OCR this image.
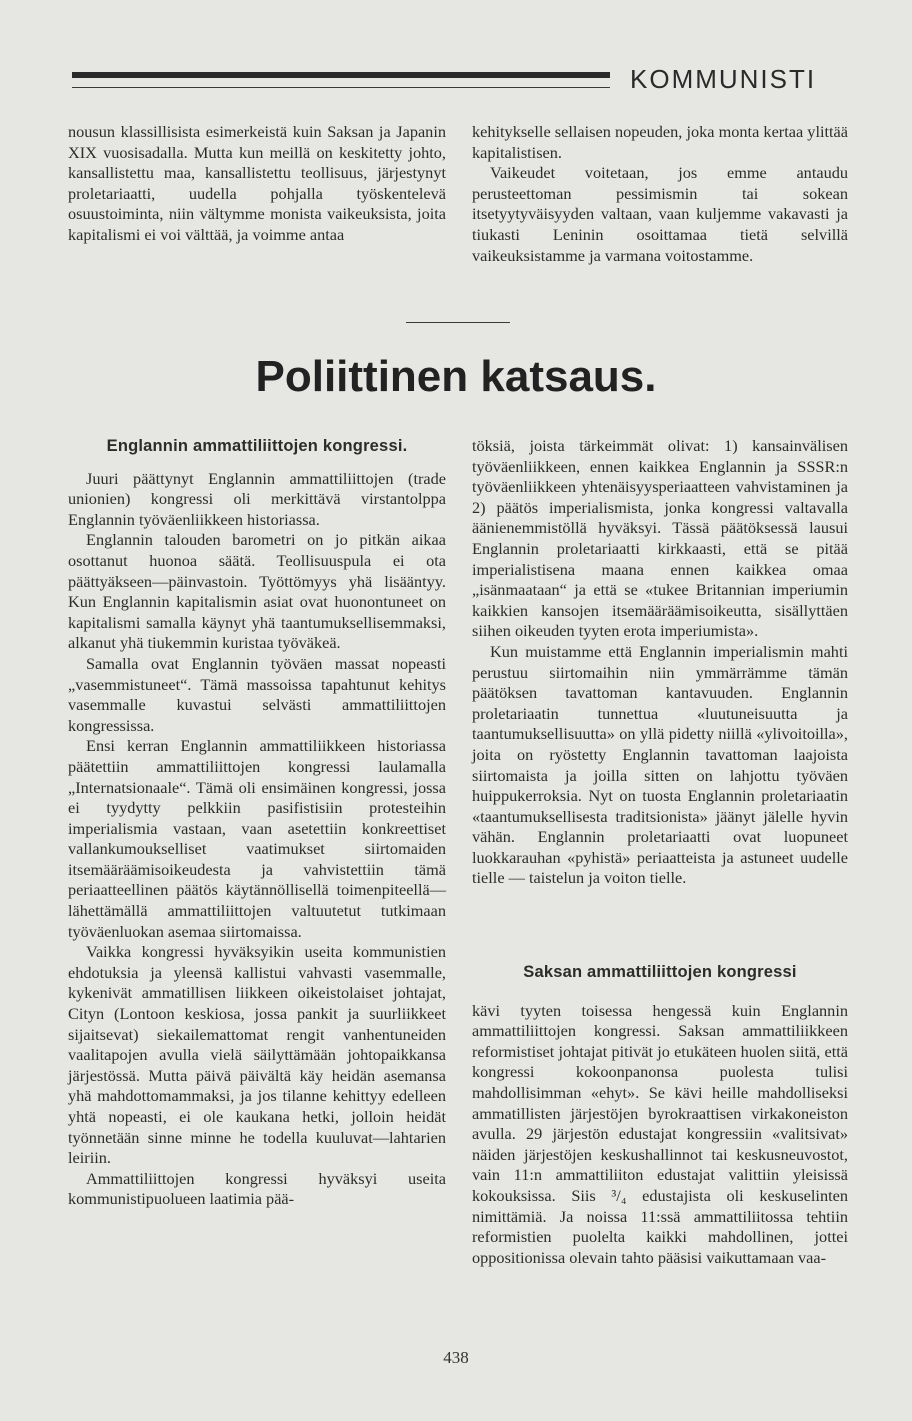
KOMMUNISTI

nousun klassillisista esimerkeistä kuin Saksan ja Japanin XIX vuosisadalla. Mutta kun meillä on keskitetty johto, kansallistettu maa, kansallistettu teollisuus, järjestynyt proletariaatti, uudella pohjalla työskentelevä osuustoiminta, niin vältymme monista vaikeuksista, joita kapitalismi ei voi välttää, ja voimme antaa

kehitykselle sellaisen nopeuden, joka monta kertaa ylittää kapitalistisen.

Vaikeudet voitetaan, jos emme antaudu perusteettoman pessimismin tai sokean itsetyytyväisyyden valtaan, vaan kuljemme vakavasti ja tiukasti Leninin osoittamaa tietä selvillä vaikeuksistamme ja varmana voitostamme.

Poliittinen katsaus.
Englannin ammattiliittojen kongressi.

Juuri päättynyt Englannin ammattiliittojen (trade unionien) kongressi oli merkittävä virstantolppa Englannin työväenliikkeen historiassa.

Englannin talouden barometri on jo pitkän aikaa osottanut huonoa säätä. Teollisuuspula ei ota päättyäkseen—päinvastoin. Työttömyys yhä lisääntyy. Kun Englannin kapitalismin asiat ovat huonontuneet on kapitalismi samalla käynyt yhä taantumuksellisemmaksi, alkanut yhä tiukemmin kuristaa työväkeä.

Samalla ovat Englannin työväen massat nopeasti „vasemmistuneet“. Tämä massoissa tapahtunut kehitys vasemmalle kuvastui selvästi ammattiliittojen kongressissa.

Ensi kerran Englannin ammattiliikkeen historiassa päätettiin ammattiliittojen kongressi laulamalla „Internatsionaale“. Tämä oli ensimäinen kongressi, jossa ei tyydytty pelkkiin pasifistisiin protesteihin imperialismia vastaan, vaan asetettiin konkreettiset vallankumoukselliset vaatimukset siirtomaiden itsemääräämisoikeudesta ja vahvistettiin tämä periaatteellinen päätös käytännöllisellä toimenpiteellä—lähettämällä ammattiliittojen valtuutetut tutkimaan työväenluokan asemaa siirtomaissa.

Vaikka kongressi hyväksyikin useita kommunistien ehdotuksia ja yleensä kallistui vahvasti vasemmalle, kykenivät ammatillisen liikkeen oikeistolaiset johtajat, Cityn (Lontoon keskiosa, jossa pankit ja suurliikkeet sijaitsevat) siekailemattomat rengit vanhentuneiden vaalitapojen avulla vielä säilyttämään johtopaikkansa järjestössä. Mutta päivä päivältä käy heidän asemansa yhä mahdottomammaksi, ja jos tilanne kehittyy edelleen yhtä nopeasti, ei ole kaukana hetki, jolloin heidät työnnetään sinne minne he todella kuuluvat—lahtarien leiriin.

Ammattiliittojen kongressi hyväksyi useita kommunistipuolueen laatimia pää-

töksiä, joista tärkeimmät olivat: 1) kansainvälisen työväenliikkeen, ennen kaikkea Englannin ja SSSR:n työväenliikkeen yhtenäisyysperiaatteen vahvistaminen ja 2) päätös imperialismista, jonka kongressi valtavalla äänienemmistöllä hyväksyi. Tässä päätöksessä lausui Englannin proletariaatti kirkkaasti, että se pitää imperialistisena maana ennen kaikkea omaa „isänmaataan“ ja että se «tukee Britannian imperiumin kaikkien kansojen itsemääräämisoikeutta, sisällyttäen siihen oikeuden tyyten erota imperiumista».

Kun muistamme että Englannin imperialismin mahti perustuu siirtomaihin niin ymmärrämme tämän päätöksen tavattoman kantavuuden. Englannin proletariaatin tunnettua «luutuneisuutta ja taantumuksellisuutta» on yllä pidetty niillä «ylivoitoilla», joita on ryöstetty Englannin tavattoman laajoista siirtomaista ja joilla sitten on lahjottu työväen huippukerroksia. Nyt on tuosta Englannin proletariaatin «taantumuksellisesta traditsionista» jäänyt jälelle hyvin vähän. Englannin proletariaatti ovat luopuneet luokkarauhan «pyhistä» periaatteista ja astuneet uudelle tielle — taistelun ja voiton tielle.

Saksan ammattiliittojen kongressi

kävi tyyten toisessa hengessä kuin Englannin ammattiliittojen kongressi. Saksan ammattiliikkeen reformistiset johtajat pitivät jo etukäteen huolen siitä, että kongressi kokoonpanonsa puolesta tulisi mahdollisimman «ehyt». Se kävi heille mahdolliseksi ammatillisten järjestöjen byrokraattisen virkakoneiston avulla. 29 järjestön edustajat kongressiin «valitsivat» näiden järjestöjen keskushallinnot tai keskusneuvostot, vain 11:n ammattiliiton edustajat valittiin yleisissä kokouksissa. Siis ³/₄ edustajista oli keskuselinten nimittämiä. Ja noissa 11:ssä ammattiliitossa tehtiin reformistien puolelta kaikki mahdollinen, jottei oppositionissa olevain tahto pääsisi vaikuttamaan vaa-

438
